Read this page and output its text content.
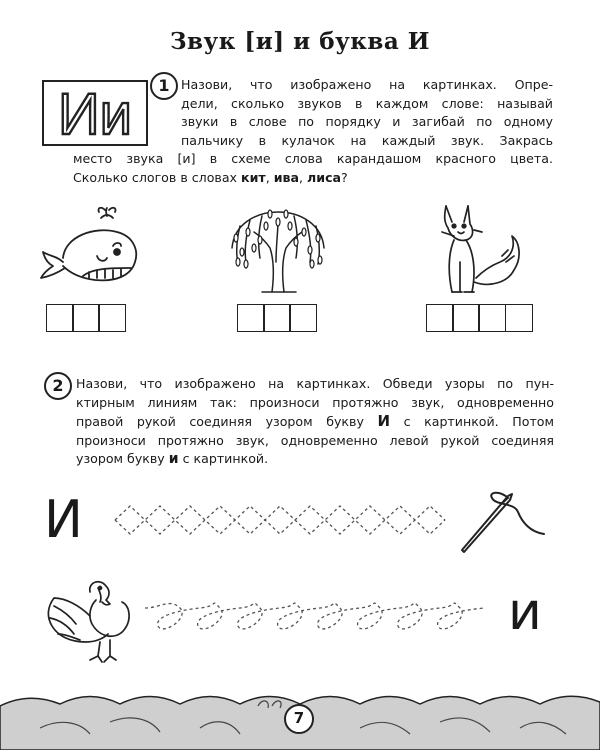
Звук [и] и буква И
Ии	1 Назови, что изображено на картинках. Опре-
дели, сколько звуков в каждом слове: называй
звуки в слове по порядку и загибай по одному
пальчику в кулачок на каждый звук. Закрась
место звука [и] в схеме слова карандашом красного цвета.
Сколько слогов в словах кит, ива, лиса?
2 Назови, что изображено на картинках. Обведи узоры по пун-
ктирным линиям так: произноси протяжно звук, одновременно
правой рукой соединяя узором букву И с картинкой. Потом
произноси протяжно звук, одновременно левой рукой соединяя
узором букву и с картинкой.
И
и
7
